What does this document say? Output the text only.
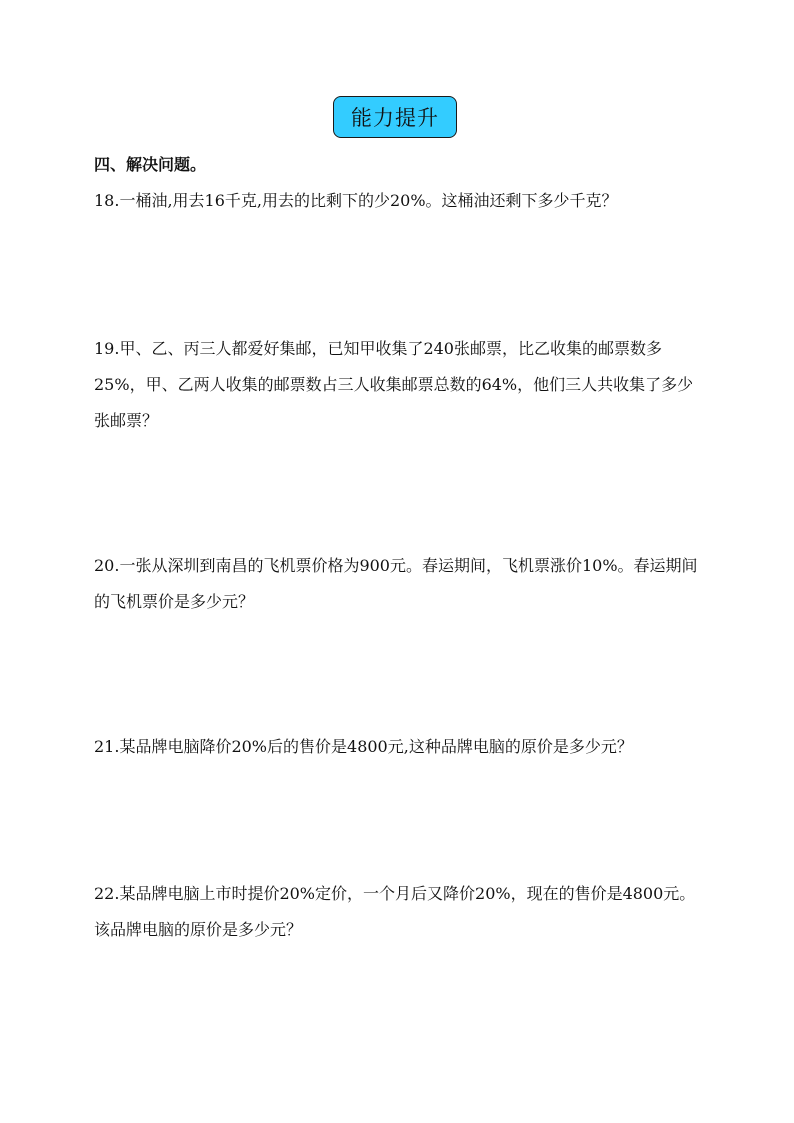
能力提升
四、解决问题。

18.一桶油,用去16千克,用去的比剩下的少20%。这桶油还剩下多少千克？

19.甲、乙、丙三人都爱好集邮，已知甲收集了240张邮票，比乙收集的邮票数多25%，甲、乙两人收集的邮票数占三人收集邮票总数的64%，他们三人共收集了多少张邮票？

20.一张从深圳到南昌的飞机票价格为900元。春运期间，飞机票涨价10%。春运期间的飞机票价是多少元？

21.某品牌电脑降价20%后的售价是4800元,这种品牌电脑的原价是多少元？

22.某品牌电脑上市时提价20%定价，一个月后又降价20%，现在的售价是4800元。该品牌电脑的原价是多少元？
